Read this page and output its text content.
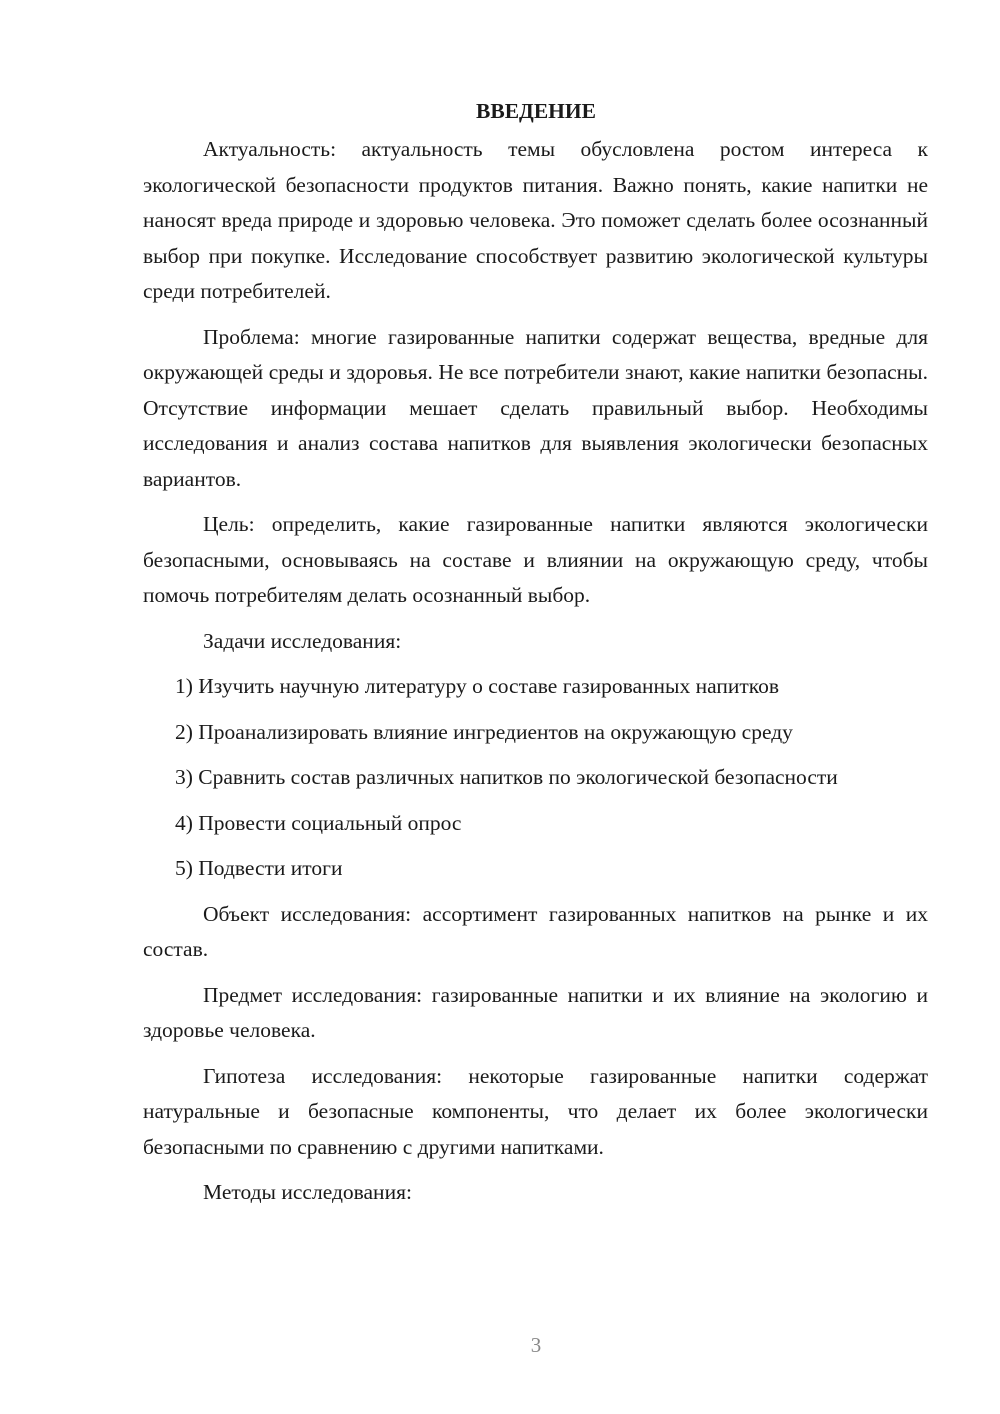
ВВЕДЕНИЕ

Актуальность: актуальность темы обусловлена ростом интереса к экологической безопасности продуктов питания. Важно понять, какие напитки не наносят вреда природе и здоровью человека. Это поможет сделать более осознанный выбор при покупке. Исследование способствует развитию экологической культуры среди потребителей.

Проблема: многие газированные напитки содержат вещества, вредные для окружающей среды и здоровья. Не все потребители знают, какие напитки безопасны. Отсутствие информации мешает сделать правильный выбор. Необходимы исследования и анализ состава напитков для выявления экологически безопасных вариантов.

Цель: определить, какие газированные напитки являются экологически безопасными, основываясь на составе и влиянии на окружающую среду, чтобы помочь потребителям делать осознанный выбор.

Задачи исследования:

1) Изучить научную литературу о составе газированных напитков

2) Проанализировать влияние ингредиентов на окружающую среду

3) Сравнить состав различных напитков по экологической безопасности

4) Провести социальный опрос

5) Подвести итоги

Объект исследования: ассортимент газированных напитков на рынке и их состав.

Предмет исследования: газированные напитки и их влияние на экологию и здоровье человека.

Гипотеза исследования: некоторые газированные напитки содержат натуральные и безопасные компоненты, что делает их более экологически безопасными по сравнению с другими напитками.

Методы исследования:

3
